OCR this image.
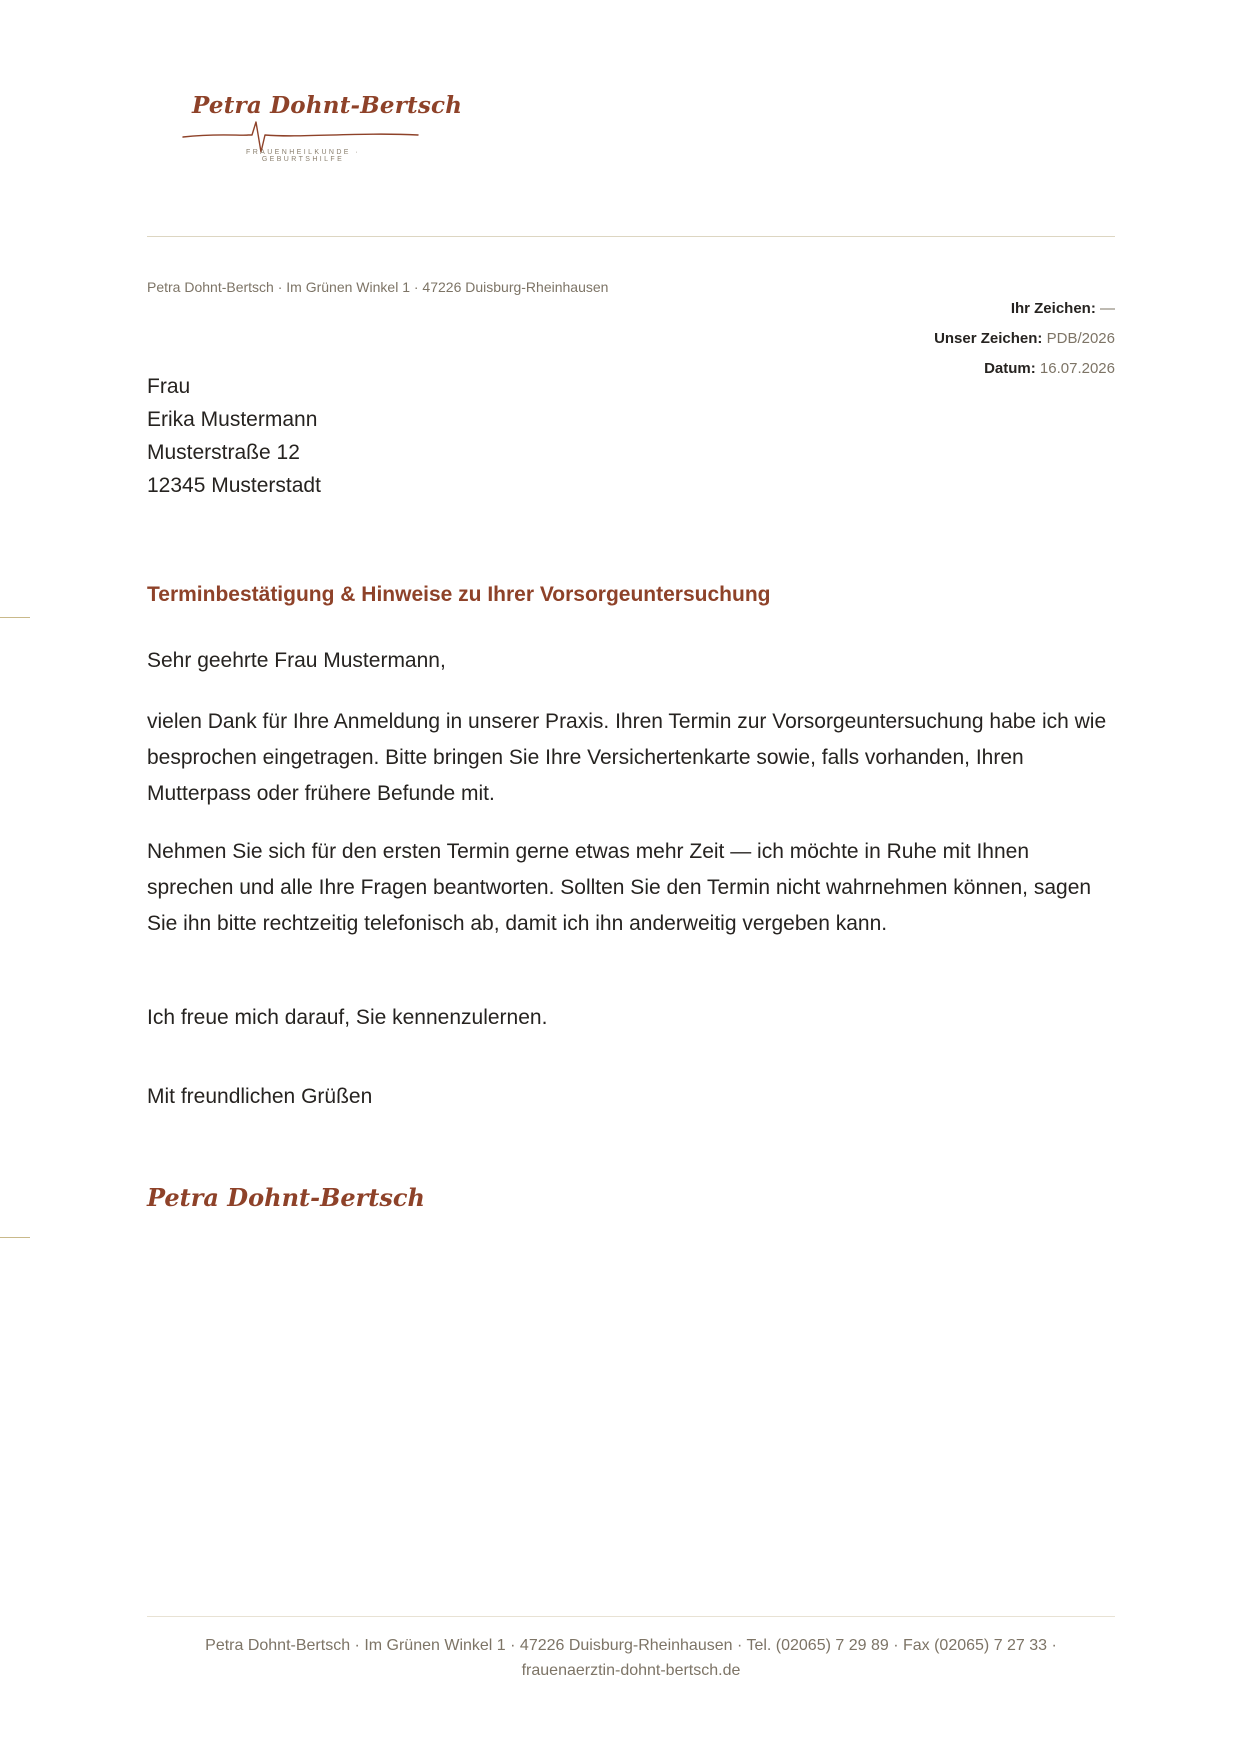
Petra Dohnt-Bertsch
FRAUENHEILKUNDE · GEBURTSHILFE
Petra Dohnt-Bertsch · Im Grünen Winkel 1 · 47226 Duisburg-Rheinhausen
Ihr Zeichen: —
Unser Zeichen: PDB/2026
Datum: 16.07.2026
Frau
Erika Mustermann
Musterstraße 12
12345 Musterstadt
Terminbestätigung & Hinweise zu Ihrer Vorsorgeuntersuchung
Sehr geehrte Frau Mustermann,

vielen Dank für Ihre Anmeldung in unserer Praxis. Ihren Termin zur Vorsorgeuntersuchung habe ich wie besprochen eingetragen. Bitte bringen Sie Ihre Versichertenkarte sowie, falls vorhanden, Ihren Mutterpass oder frühere Befunde mit.

Nehmen Sie sich für den ersten Termin gerne etwas mehr Zeit — ich möchte in Ruhe mit Ihnen sprechen und alle Ihre Fragen beantworten. Sollten Sie den Termin nicht wahrnehmen können, sagen Sie ihn bitte rechtzeitig telefonisch ab, damit ich ihn anderweitig vergeben kann.

Ich freue mich darauf, Sie kennenzulernen.

Mit freundlichen Grüßen
Petra Dohnt-Bertsch
Petra Dohnt-Bertsch · Im Grünen Winkel 1 · 47226 Duisburg-Rheinhausen · Tel. (02065) 7 29 89 · Fax (02065) 7 27 33 ·
frauenaerztin-dohnt-bertsch.de
